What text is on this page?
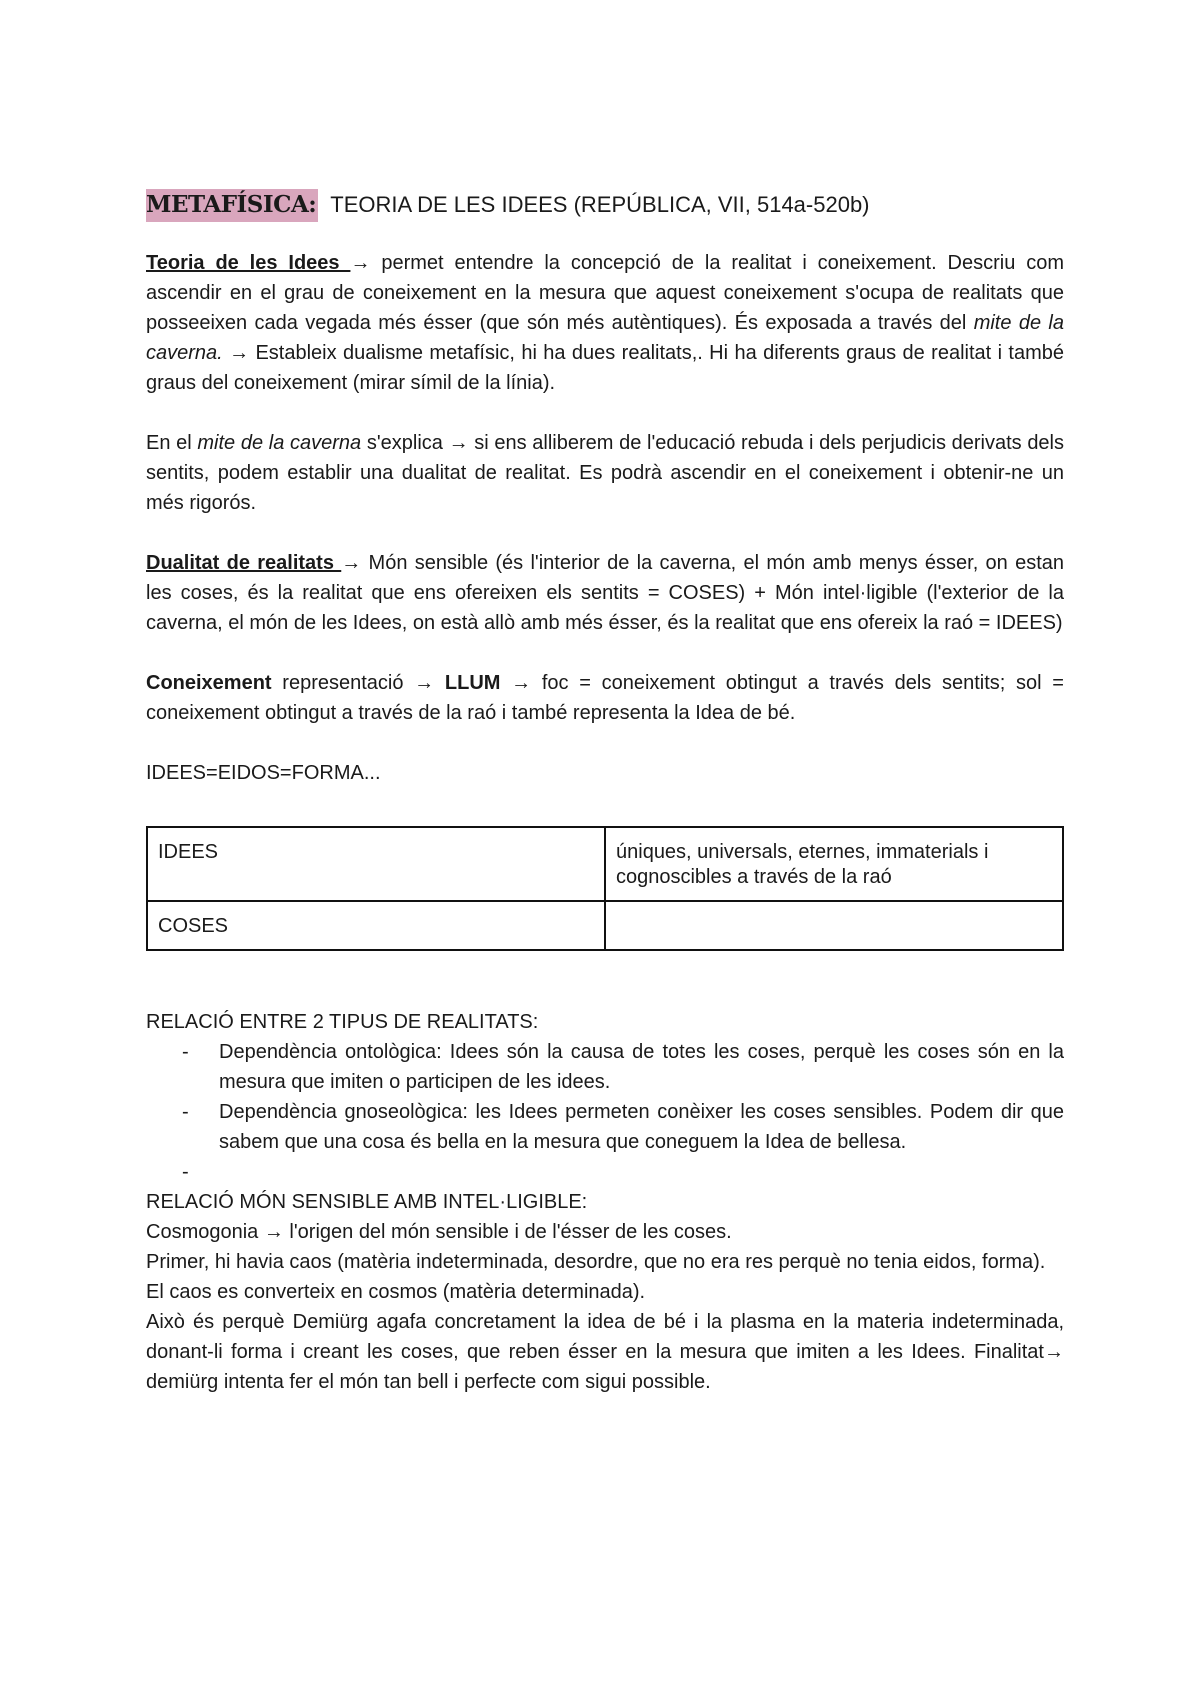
METAFÍSICA: TEORIA DE LES IDEES (REPÚBLICA, VII, 514a-520b)

Teoria de les Idees → permet entendre la concepció de la realitat i coneixement. Descriu com ascendir en el grau de coneixement en la mesura que aquest coneixement s'ocupa de realitats que posseeixen cada vegada més ésser (que són més autèntiques). És exposada a través del mite de la caverna. → Estableix dualisme metafísic, hi ha dues realitats,. Hi ha diferents graus de realitat i també graus del coneixement (mirar símil de la línia).

En el mite de la caverna s'explica → si ens alliberem de l'educació rebuda i dels perjudicis derivats dels sentits, podem establir una dualitat de realitat. Es podrà ascendir en el coneixement i obtenir-ne un més rigorós.

Dualitat de realitats → Món sensible (és l'interior de la caverna, el món amb menys ésser, on estan les coses, és la realitat que ens ofereixen els sentits = COSES) + Món intel·ligible (l'exterior de la caverna, el món de les Idees, on està allò amb més ésser, és la realitat que ens ofereix la raó = IDEES)

Coneixement representació → LLUM → foc = coneixement obtingut a través dels sentits; sol = coneixement obtingut a través de la raó i també representa la Idea de bé.

IDEES=EIDOS=FORMA...

IDEES	úniques, universals, eternes, immaterials i cognoscibles a través de la raó
COSES	
RELACIÓ ENTRE 2 TIPUS DE REALITATS:
- Dependència ontològica: Idees són la causa de totes les coses, perquè les coses són en la mesura que imiten o participen de les idees.
- Dependència gnoseològica: les Idees permeten conèixer les coses sensibles. Podem dir que sabem que una cosa és bella en la mesura que coneguem la Idea de bellesa.
-
RELACIÓ MÓN SENSIBLE AMB INTEL·LIGIBLE:
Cosmogonia → l'origen del món sensible i de l'ésser de les coses.
Primer, hi havia caos (matèria indeterminada, desordre, que no era res perquè no tenia eidos, forma).
El caos es converteix en cosmos (matèria determinada).
Això és perquè Demiürg agafa concretament la idea de bé i la plasma en la materia indeterminada, donant-li forma i creant les coses, que reben ésser en la mesura que imiten a les Idees. Finalitat→ demiürg intenta fer el món tan bell i perfecte com sigui possible.
